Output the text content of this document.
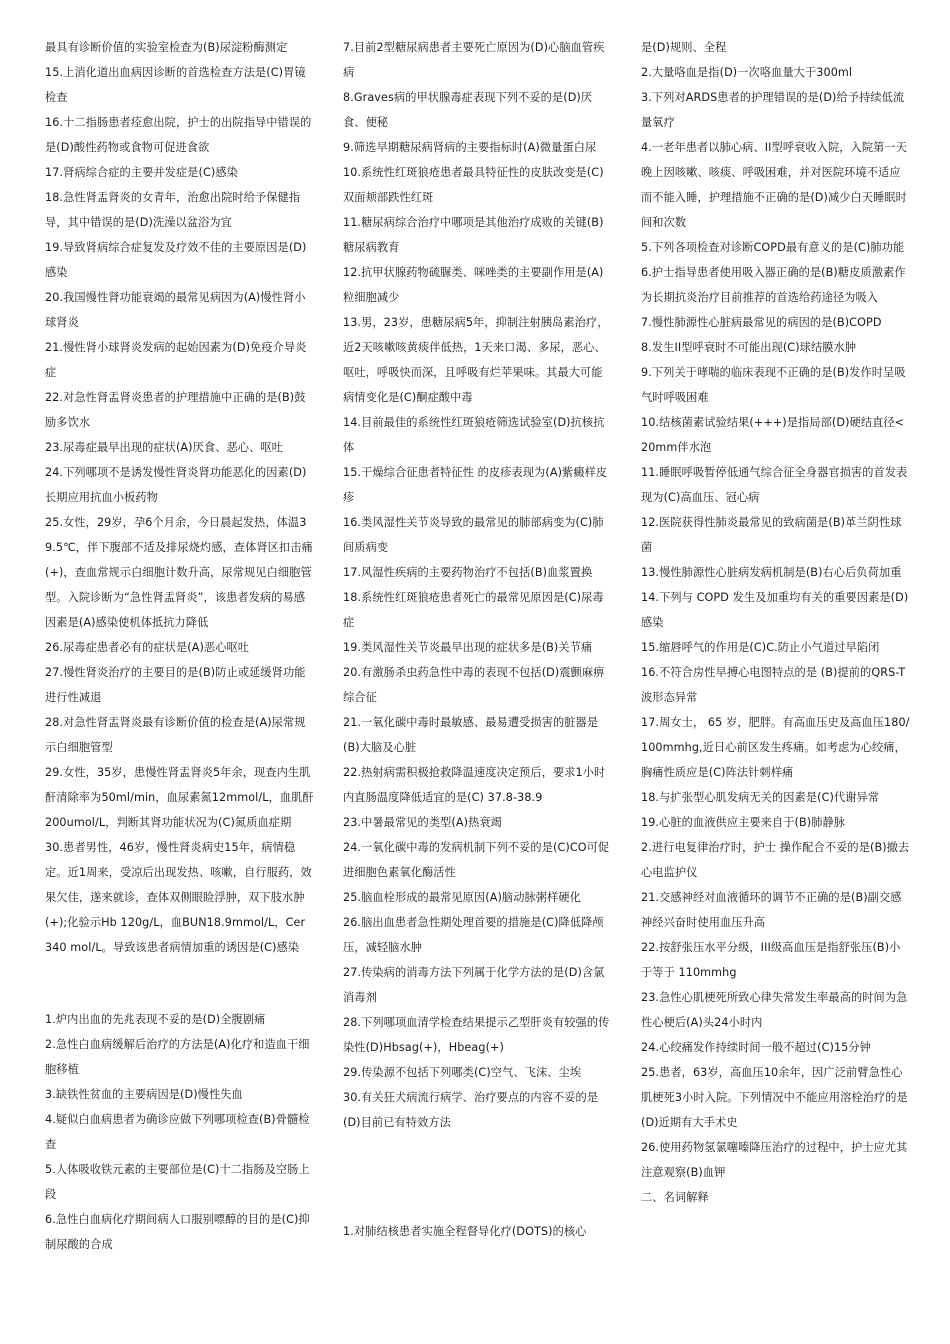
最具有诊断价值的实验室检查为(B)尿淀粉酶测定

15.上消化道出血病因诊断的首选检查方法是(C)胃镜检查

16.十二指肠患者痊愈出院，护士的出院指导中错误的是(D)酸性药物或食物可促进食欲

17.肾病综合症的主要并发症是(C)感染

18.急性肾盂肾炎的女青年，治愈出院时给予保健指导，其中错误的是(D)洗澡以盆浴为宜

19.导致肾病综合症复发及疗效不佳的主要原因是(D)感染

20.我国慢性肾功能衰竭的最常见病因为(A)慢性肾小球肾炎

21.慢性肾小球肾炎发病的起始因素为(D)免疫介导炎症

22.对急性肾盂肾炎患者的护理措施中正确的是(B)鼓励多饮水

23.尿毒症最早出现的症状(A)厌食、恶心、呕吐

24.下列哪项不是诱发慢性肾炎肾功能恶化的因素(D)长期应用抗血小板药物

25.女性，29岁，孕6个月余，今日晨起发热，体温39.5℃，伴下腹部不适及排尿烧灼感，查体肾区扣击痛(+)，查血常规示白细胞计数升高，尿常规见白细胞管型。入院诊断为“急性肾盂肾炎”，该患者发病的易感因素是(A)感染使机体抵抗力降低

26.尿毒症患者必有的症状是(A)恶心呕吐

27.慢性肾炎治疗的主要目的是(B)防止或延缓肾功能进行性减退

28.对急性肾盂肾炎最有诊断价值的检查是(A)尿常规示白细胞管型

29.女性，35岁，患慢性肾盂肾炎5年余，现查内生肌酐清除率为50ml/min，血尿素氮12mmol/L，血肌酐200umol/L，判断其肾功能状况为(C)氮质血症期

30.患者男性，46岁，慢性肾炎病史15年，病情稳定。近1周来，受凉后出现发热、咳嗽，自行服药，效果欠佳，遂来就诊，查体双侧眼睑浮肿，双下肢水肿(+);化验示Hb 120g/L，血BUN18.9mmol/L，Cer 340 mol/L。导致该患者病情加重的诱因是(C)感染

1.炉内出血的先兆表现不妥的是(D)全腹剧痛

2.急性白血病缓解后治疗的方法是(A)化疗和造血干细胞移植

3.缺铁性贫血的主要病因是(D)慢性失血

4.疑似白血病患者为确诊应做下列哪项检查(B)骨髓检查

5.人体吸收铁元素的主要部位是(C)十二指肠及空肠上段

6.急性白血病化疗期间病人口服别嘌醇的目的是(C)抑制尿酸的合成

7.目前2型糖尿病患者主要死亡原因为(D)心脑血管疾病

8.Graves病的甲状腺毒症表现下列不妥的是(D)厌食、便秘

9.筛选早期糖尿病肾病的主要指标时(A)微量蛋白尿

10.系统性红斑狼疮患者最具特征性的皮肤改变是(C)双面颊部跌性红斑

11.糖尿病综合治疗中哪项是其他治疗成败的关键(B)糖尿病教育

12.抗甲状腺药物硫脲类、咪唑类的主要副作用是(A)粒细胞减少

13.男，23岁，患糖尿病5年，抑制注射胰岛素治疗，近2天咳嗽咳黄痰伴低热，1天来口渴、多尿，恶心、呕吐，呼吸快而深，且呼吸有烂苹果味。其最大可能病情变化是(C)酮症酸中毒

14.目前最佳的系统性红斑狼疮筛选试验室(D)抗核抗体

15.干燥综合征患者特征性 的皮疹表现为(A)紫癜样皮疹

16.类风湿性关节炎导致的最常见的肺部病变为(C)肺间质病变

17.风湿性疾病的主要药物治疗不包括(B)血浆置换

18.系统性红斑狼疮患者死亡的最常见原因是(C)尿毒症

19.类风湿性关节炎最早出现的症状多是(B)关节痛

20.有激肠杀虫药急性中毒的表现不包括(D)震颤麻痹综合征

21.一氧化碳中毒时最敏感、最易遭受损害的脏器是(B)大脑及心脏

22.热射病需积极抢救降温速度决定预后，要求1小时内直肠温度降低适宜的是(C) 37.8-38.9

23.中暑最常见的类型(A)热衰竭

24.一氧化碳中毒的发病机制下列不妥的是(C)CO可促进细胞色素氧化酶活性

25.脑血栓形成的最常见原因(A)脑动脉粥样硬化

26.脑出血患者急性期处理首要的措施是(C)降低降颅压，减轻脑水肿

27.传染病的消毒方法下列属于化学方法的是(D)含氯消毒剂

28.下列哪项血清学检查结果提示乙型肝炎有较强的传染性(D)Hbsag(+)，Hbeag(+)

29.传染源不包括下列哪类(C)空气、飞沫、尘埃

30.有关狂犬病流行病学、治疗要点的内容不妥的是(D)目前已有特效方法

1.对肺结核患者实施全程督导化疗(DOTS)的核心

是(D)规则、全程

2.大量咯血是指(D)一次咯血量大于300ml

3.下列对ARDS患者的护理错误的是(D)给予持续低流量氧疗

4.一老年患者以肺心病、II型呼衰收入院，入院第一天晚上因咳嗽、咳痰、呼吸困难，并对医院环境不适应而不能入睡，护理措施不正确的是(D)减少白天睡眠时间和次数

5.下列各项检查对诊断COPD最有意义的是(C)肺功能

6.护士指导患者使用吸入器正确的是(B)糖皮质激素作为长期抗炎治疗目前推荐的首选给药途径为吸入

7.慢性肺源性心脏病最常见的病因的是(B)COPD

8.发生II型呼衰时不可能出现(C)球结膜水肿

9.下列关于哮喘的临床表现不正确的是(B)发作时呈吸气时呼吸困难

10.结核菌素试验结果(+++)是指局部(D)硬结直径<20mm伴水泡

11.睡眠呼吸暂停低通气综合征全身器官损害的首发表现为(C)高血压、冠心病

12.医院获得性肺炎最常见的致病菌是(B)革兰阴性球菌

13.慢性肺源性心脏病发病机制是(B)右心后负荷加重

14.下列与 COPD 发生及加重均有关的重要因素是(D)感染

15.缩唇呼气的作用是(C)C.防止小气道过早陷闭

16.不符合房性早搏心电图特点的是 (B)提前的QRS-T波形态异常

17.周女士， 65 岁，肥胖。有高血压史及高血压180/100mmhg,近日心前区发生疼痛。如考虑为心绞痛，胸痛性质应是(C)阵法针刺样痛

18.与扩张型心肌发病无关的因素是(C)代谢异常

19.心脏的血液供应主要来自于(B)肺静脉

2.进行电复律治疗时，护士 操作配合不妥的是(B)撤去心电监护仪

21.交感神经对血液循环的调节不正确的是(B)副交感神经兴奋时使用血压升高

22.按舒张压水平分级，III级高血压是指舒张压(B)小于等于 110mmhg

23.急性心肌梗死所致心律失常发生率最高的时间为急性心梗后(A)头24小时内

24.心绞痛发作持续时间一般不超过(C)15分钟

25.患者，63岁，高血压10余年，因广泛前臂急性心肌梗死3小时入院。下列情况中不能应用溶栓治疗的是(D)近期有大手术史

26.使用药物氢氯噻嗪降压治疗的过程中，护士应尤其注意观察(B)血钾

二、名词解释
